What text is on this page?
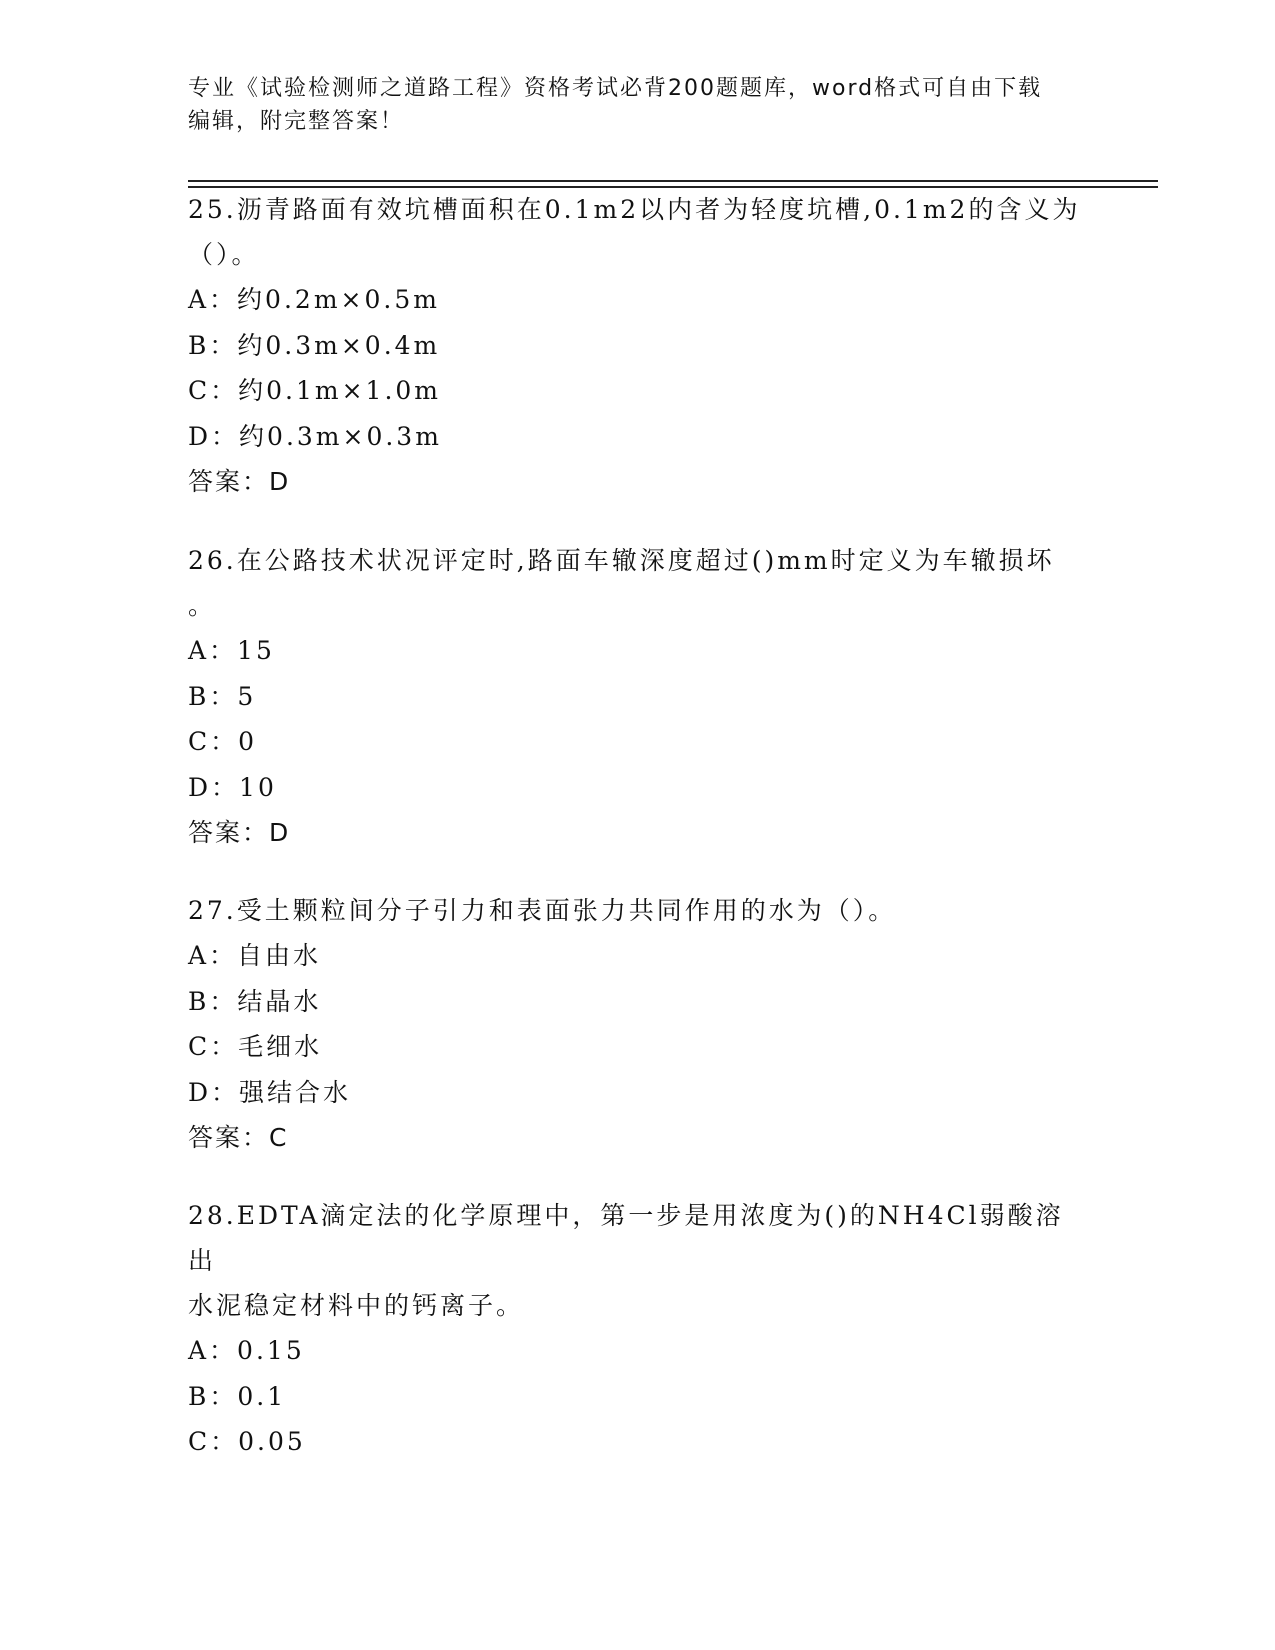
专业《试验检测师之道路工程》资格考试必背200题题库，word格式可自由下载
编辑，附完整答案！
25.沥青路面有效坑槽面积在0.1m2以内者为轻度坑槽,0.1m2的含义为
（）。
A：约0.2m×0.5m
B：约0.3m×0.4m
C：约0.1m×1.0m
D：约0.3m×0.3m
答案：D
26.在公路技术状况评定时,路面车辙深度超过()mm时定义为车辙损坏
。
A：15
B：5
C：0
D：10
答案：D
27.受土颗粒间分子引力和表面张力共同作用的水为（）。
A：自由水
B：结晶水
C：毛细水
D：强结合水
答案：C
28.EDTA滴定法的化学原理中，第一步是用浓度为()的NH4Cl弱酸溶出
水泥稳定材料中的钙离子。
A：0.15
B：0.1
C：0.05
